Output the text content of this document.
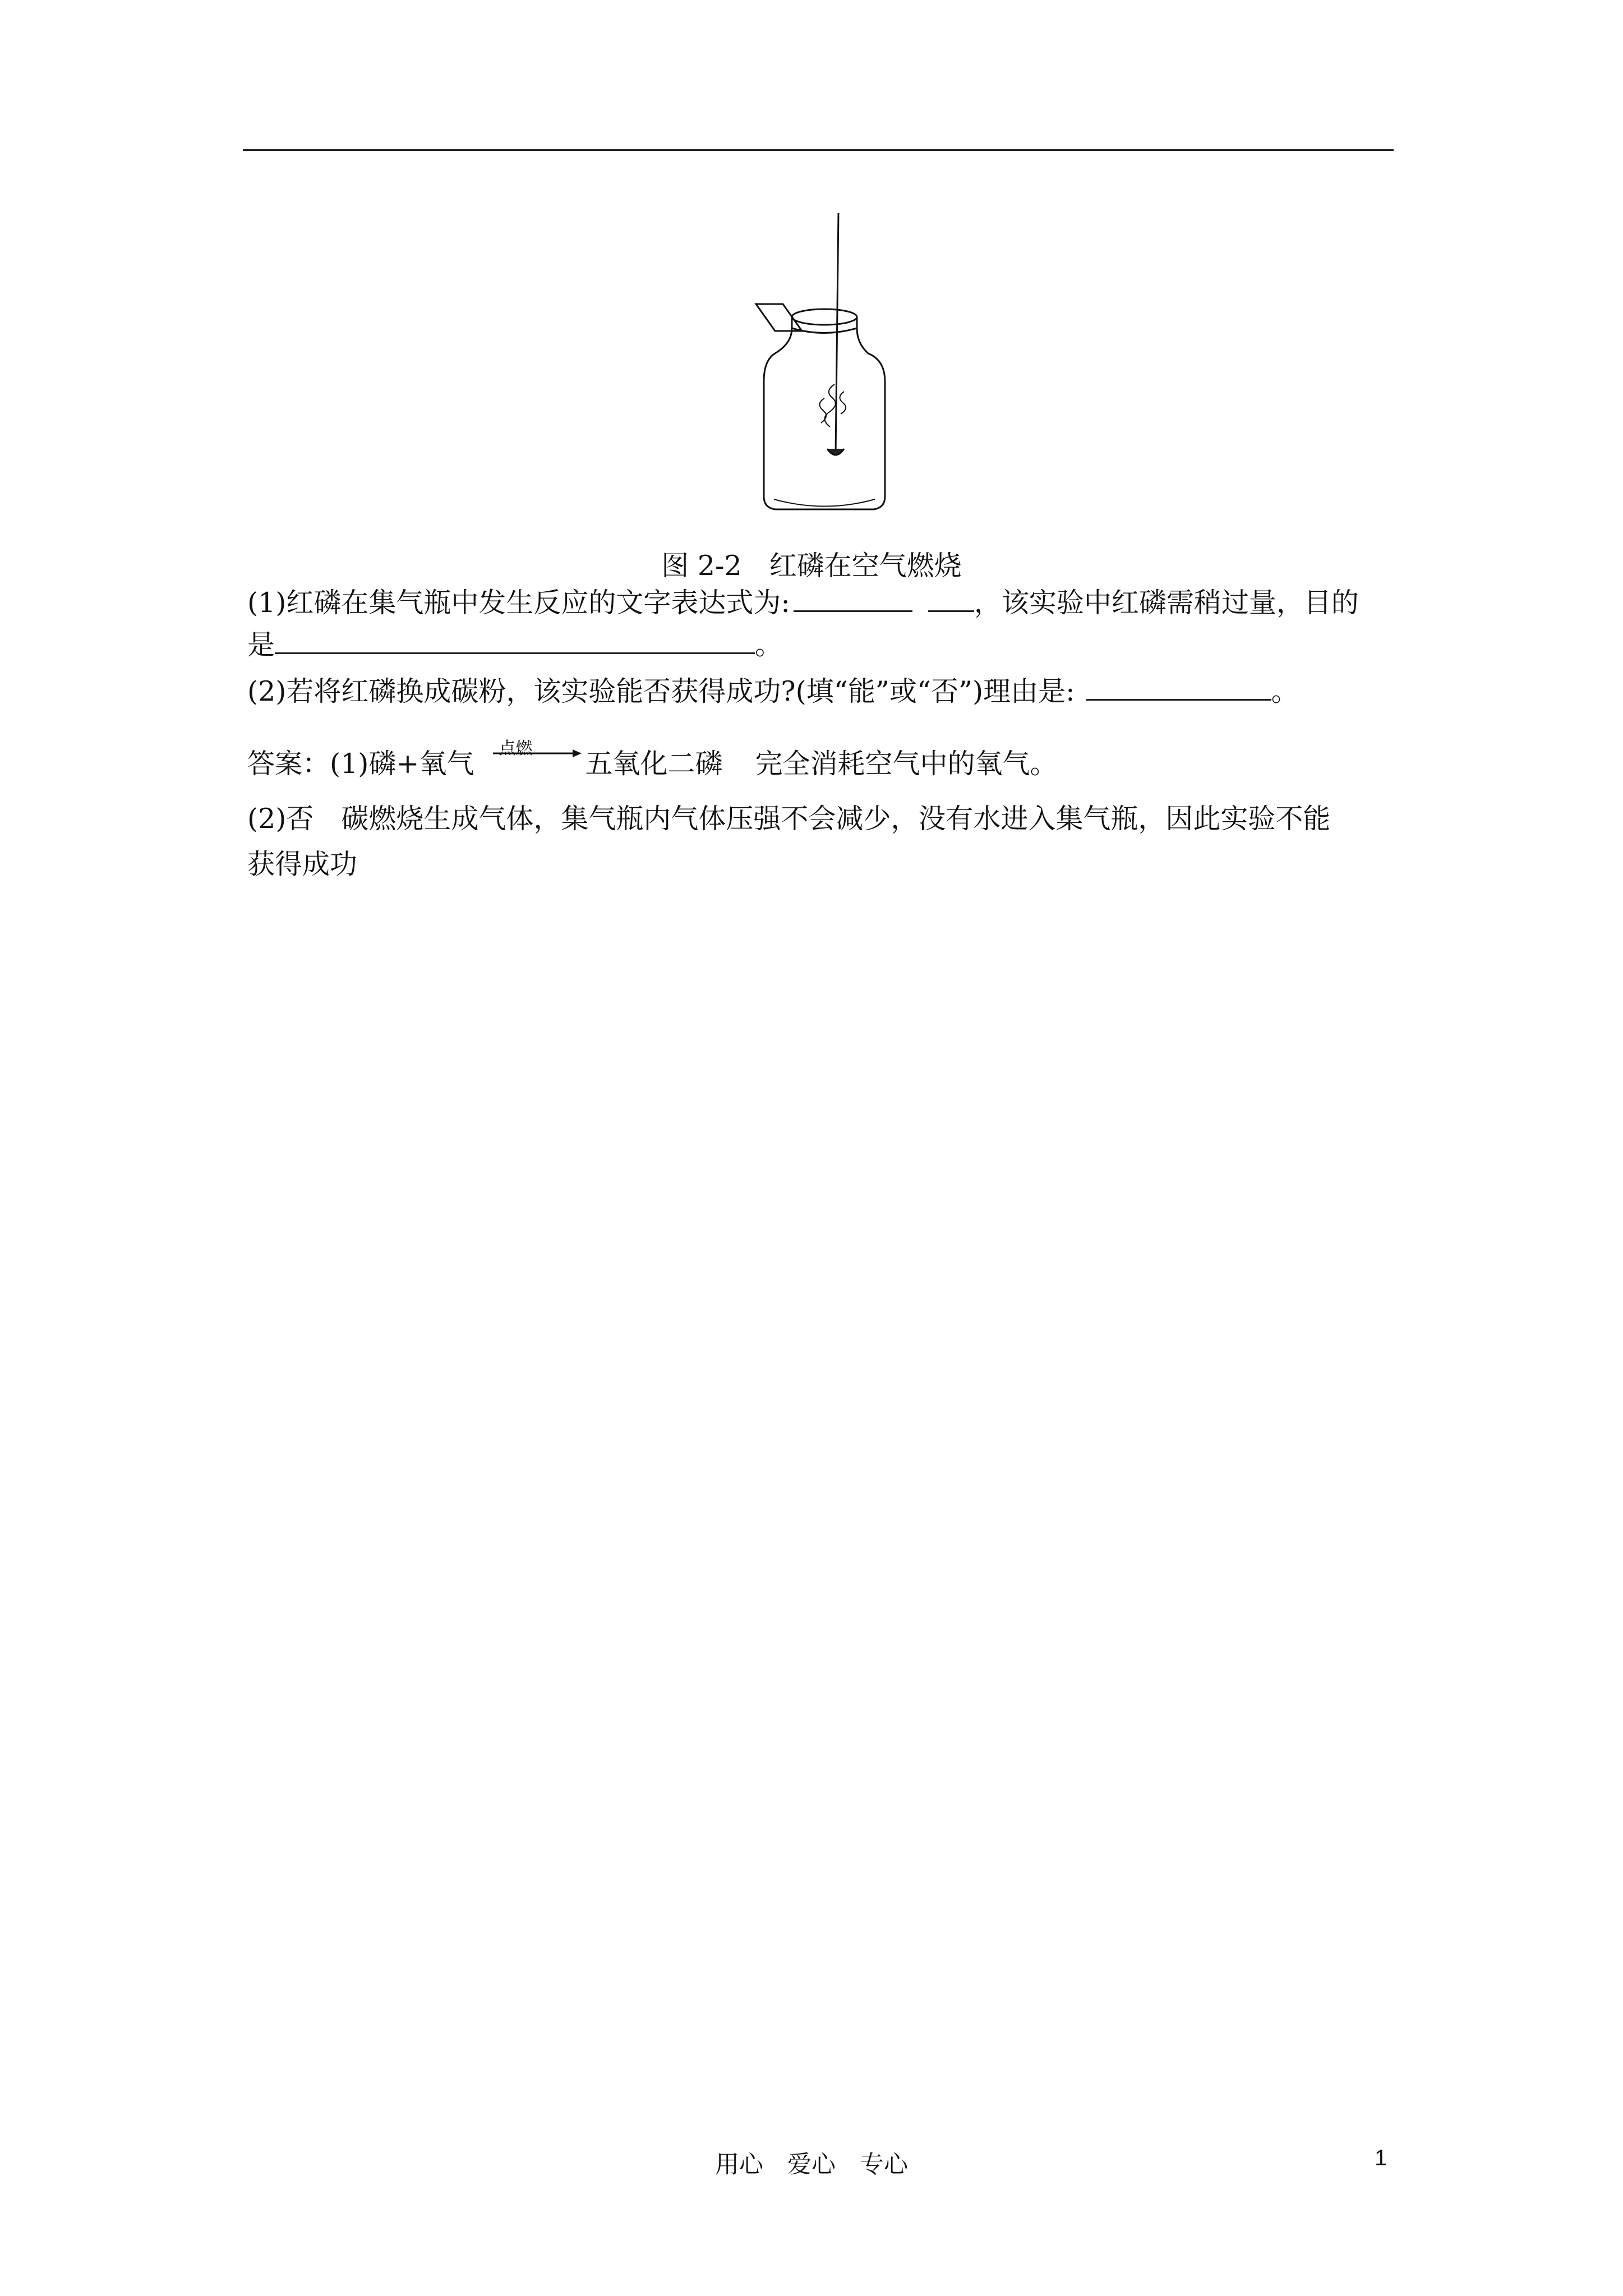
图 2-2　红磷在空气燃烧
(1)红磷在集气瓶中发生反应的文字表达式为:	，该实验中红磷需稍过量，目的
是	。
(2)若将红磷换成碳粉，该实验能否获得成功?(填“能”或“否”)理由是:	。
答案：(1)磷+氧气 点燃 五氧化二磷 完全消耗空气中的氧气。
(2)否　碳燃烧生成气体，集气瓶内气体压强不会减少，没有水进入集气瓶，因此实验不能
获得成功
用心　爱心　专心	1
